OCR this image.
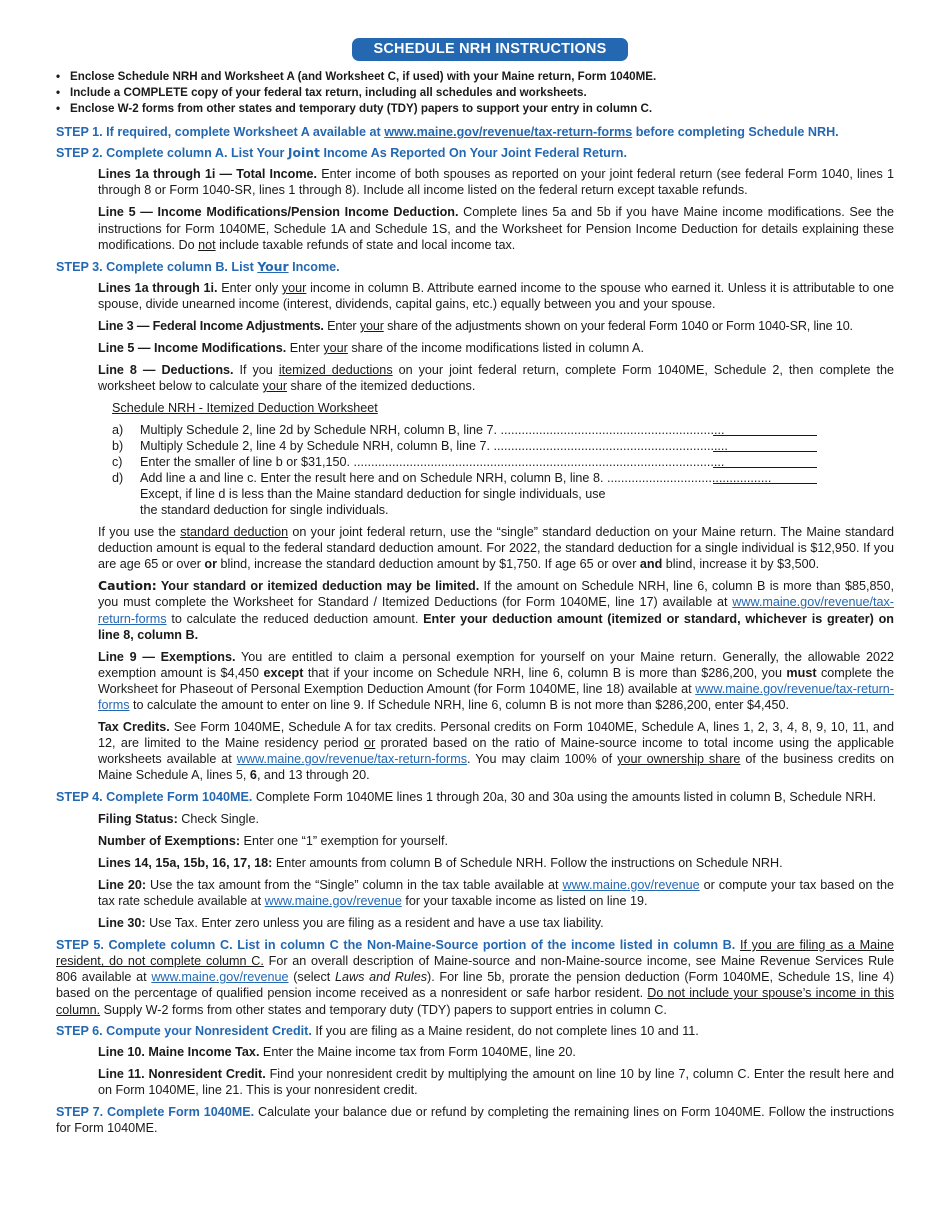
SCHEDULE NRH INSTRUCTIONS
• Enclose Schedule NRH and Worksheet A (and Worksheet C, if used) with your Maine return, Form 1040ME.
• Include a COMPLETE copy of your federal tax return, including all schedules and worksheets.
• Enclose W-2 forms from other states and temporary duty (TDY) papers to support your entry in column C.
STEP 1. If required, complete Worksheet A available at www.maine.gov/revenue/tax-return-forms before completing Schedule NRH.
STEP 2. Complete column A. List Your Joint Income As Reported On Your Joint Federal Return.
Lines 1a through 1i — Total Income. Enter income of both spouses as reported on your joint federal return (see federal Form 1040, lines 1 through 8 or Form 1040-SR, lines 1 through 8). Include all income listed on the federal return except taxable refunds.
Line 5 — Income Modifications/Pension Income Deduction. Complete lines 5a and 5b if you have Maine income modifications. See the instructions for Form 1040ME, Schedule 1A and Schedule 1S, and the Worksheet for Pension Income Deduction for details explaining these modifications. Do not include taxable refunds of state and local income tax.
STEP 3. Complete column B. List Your Income.
Lines 1a through 1i. Enter only your income in column B. Attribute earned income to the spouse who earned it. Unless it is attributable to one spouse, divide unearned income (interest, dividends, capital gains, etc.) equally between you and your spouse.
Line 3 — Federal Income Adjustments. Enter your share of the adjustments shown on your federal Form 1040 or Form 1040-SR, line 10.
Line 5 — Income Modifications. Enter your share of the income modifications listed in column A.
Line 8 — Deductions. If you itemized deductions on your joint federal return, complete Form 1040ME, Schedule 2, then complete the worksheet below to calculate your share of the itemized deductions.
Schedule NRH - Itemized Deduction Worksheet
a)	Multiply Schedule 2, line 2d by Schedule NRH, column B, line 7. ................................................................
b)	Multiply Schedule 2, line 4 by Schedule NRH, column B, line 7. ...................................................................
c)	Enter the smaller of line b or $31,150. ..........................................................................................................
d)	Add line a and line c. Enter the result here and on Schedule NRH, column B, line 8. ...............................................
Except, if line d is less than the Maine standard deduction for single individuals, use
the standard deduction for single individuals.
If you use the standard deduction on your joint federal return, use the “single” standard deduction on your Maine return. The Maine standard deduction amount is equal to the federal standard deduction amount. For 2022, the standard deduction for a single individual is $12,950. If you are age 65 or over or blind, increase the standard deduction amount by $1,750. If age 65 or over and blind, increase it by $3,500.
Caution: Your standard or itemized deduction may be limited. If the amount on Schedule NRH, line 6, column B is more than $85,850, you must complete the Worksheet for Standard / Itemized Deductions (for Form 1040ME, line 17) available at www.maine.gov/revenue/tax-return-forms to calculate the reduced deduction amount. Enter your deduction amount (itemized or standard, whichever is greater) on line 8, column B.
Line 9 — Exemptions. You are entitled to claim a personal exemption for yourself on your Maine return. Generally, the allowable 2022 exemption amount is $4,450 except that if your income on Schedule NRH, line 6, column B is more than $286,200, you must complete the Worksheet for Phaseout of Personal Exemption Deduction Amount (for Form 1040ME, line 18) available at www.maine.gov/revenue/tax-return-forms to calculate the amount to enter on line 9. If Schedule NRH, line 6, column B is not more than $286,200, enter $4,450.
Tax Credits. See Form 1040ME, Schedule A for tax credits. Personal credits on Form 1040ME, Schedule A, lines 1, 2, 3, 4, 8, 9, 10, 11, and 12, are limited to the Maine residency period or prorated based on the ratio of Maine-source income to total income using the applicable worksheets available at www.maine.gov/revenue/tax-return-forms. You may claim 100% of your ownership share of the business credits on Maine Schedule A, lines 5, 6, and 13 through 20.
STEP 4. Complete Form 1040ME. Complete Form 1040ME lines 1 through 20a, 30 and 30a using the amounts listed in column B, Schedule NRH.
Filing Status: Check Single.
Number of Exemptions: Enter one “1” exemption for yourself.
Lines 14, 15a, 15b, 16, 17, 18: Enter amounts from column B of Schedule NRH. Follow the instructions on Schedule NRH.
Line 20: Use the tax amount from the “Single” column in the tax table available at www.maine.gov/revenue or compute your tax based on the tax rate schedule available at www.maine.gov/revenue for your taxable income as listed on line 19.
Line 30: Use Tax. Enter zero unless you are filing as a resident and have a use tax liability.
STEP 5. Complete column C. List in column C the Non-Maine-Source portion of the income listed in column B. If you are filing as a Maine resident, do not complete column C. For an overall description of Maine-source and non-Maine-source income, see Maine Revenue Services Rule 806 available at www.maine.gov/revenue (select Laws and Rules). For line 5b, prorate the pension deduction (Form 1040ME, Schedule 1S, line 4) based on the percentage of qualified pension income received as a nonresident or safe harbor resident. Do not include your spouse’s income in this column. Supply W-2 forms from other states and temporary duty (TDY) papers to support entries in column C.
STEP 6. Compute your Nonresident Credit. If you are filing as a Maine resident, do not complete lines 10 and 11.
Line 10. Maine Income Tax. Enter the Maine income tax from Form 1040ME, line 20.
Line 11. Nonresident Credit. Find your nonresident credit by multiplying the amount on line 10 by line 7, column C. Enter the result here and on Form 1040ME, line 21. This is your nonresident credit.
STEP 7. Complete Form 1040ME. Calculate your balance due or refund by completing the remaining lines on Form 1040ME. Follow the instructions for Form 1040ME.
